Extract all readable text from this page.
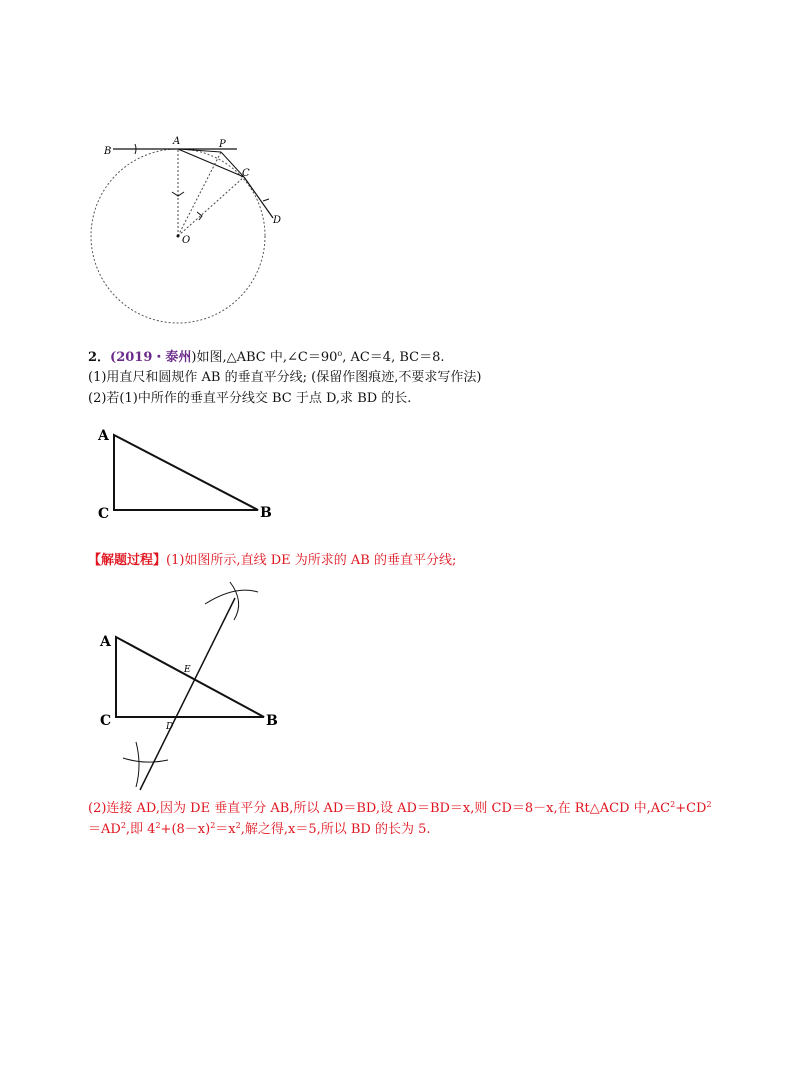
B
A	P
C
D
O
2．(2019・泰州)如图,△ABC 中$,\angle C=90^o$, AC＝4, BC＝8.
(1)用直尺和圆规作 AB 的垂直平分线; (保留作图痕迹,不要求写作法)
(2)若(1)中所作的垂直平分线交 BC 于点 D,求 BD 的长.
A
C	B
【解题过程】(1)如图所示,直线 DE 为所求的 AB 的垂直平分线;
A
C	B
E
D
(2)连接 AD,因为 DE 垂直平分 AB,所以 AD＝BD,设 AD＝BD＝x,则 CD＝8－x,在 Rt△ACD 中$,AC^2+CD^2$
$=AD^2$,即 $4^2+(8-x)^2=x^2$,解之得,x＝5,所以 BD 的长为 5.
